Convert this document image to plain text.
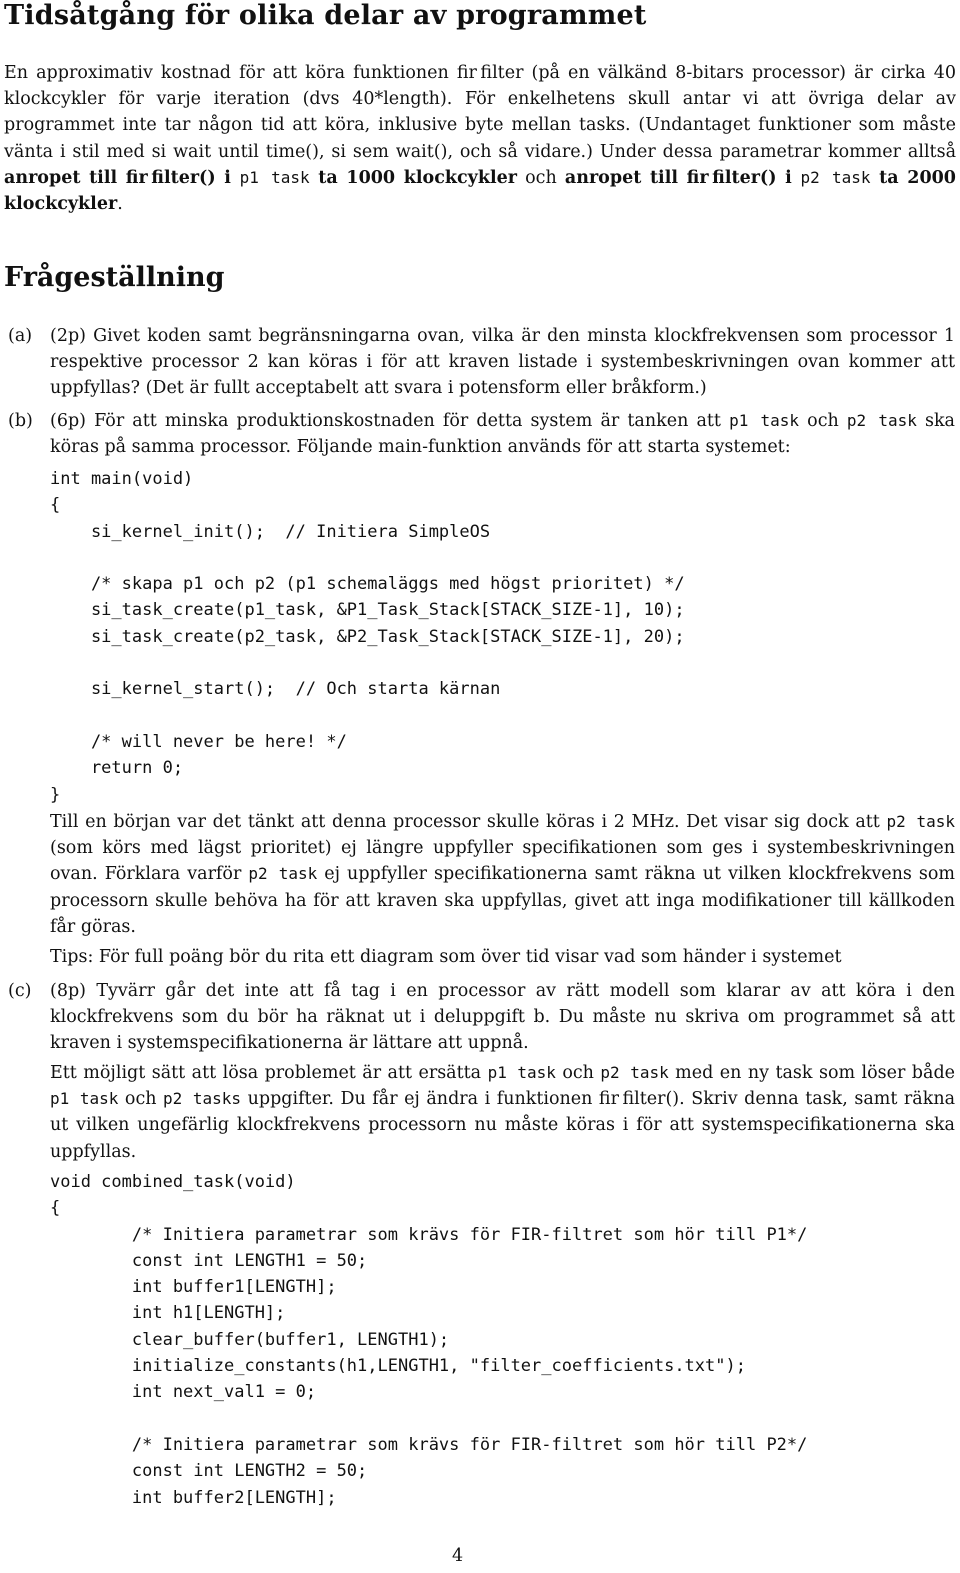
Tidsåtgång för olika delar av programmet

En approximativ kostnad för att köra funktionen fir  filter (på en välkänd 8-bitars processor) är cirka 40 klockcykler för varje iteration (dvs 40*length). För enkelhetens skull antar vi att övriga delar av programmet inte tar någon tid att köra, inklusive byte mellan tasks. (Undantaget funktioner som måste vänta i stil med si wait until time(), si sem wait(), och så vidare.) Under dessa parametrar kommer alltså anropet till fir  filter() i p1 task ta 1000 klockcykler och anropet till fir  filter() i p2 task ta 2000 klockcykler.

Frågeställning
(a) (2p) Givet koden samt begränsningarna ovan, vilka är den minsta klockfrekvensen som processor 1 respektive processor 2 kan köras i för att kraven listade i systembeskrivningen ovan kommer att uppfyllas? (Det är fullt acceptabelt att svara i potensform eller bråkform.)

(b) (6p) För att minska produktionskostnaden för detta system är tanken att p1 task och p2 task ska köras på samma processor. Följande main-funktion används för att starta systemet:

int main(void)
{
si_kernel_init();  // Initiera SimpleOS

/* skapa p1 och p2 (p1 schemaläggs med högst prioritet) */
si_task_create(p1_task, &P1_Task_Stack[STACK_SIZE-1], 10);
si_task_create(p2_task, &P2_Task_Stack[STACK_SIZE-1], 20);

si_kernel_start();  // Och starta kärnan

/* will never be here! */
return 0;
}

Till en början var det tänkt att denna processor skulle köras i 2 MHz. Det visar sig dock att p2 task (som körs med lägst prioritet) ej längre uppfyller specifikationen som ges i systembeskrivningen ovan. Förklara varför p2 task ej uppfyller specifikationerna samt räkna ut vilken klockfrekvens som processorn skulle behöva ha för att kraven ska uppfyllas, givet att inga modifikationer till källkoden får göras.

Tips: För full poäng bör du rita ett diagram som över tid visar vad som händer i systemet

(c) (8p) Tyvärr går det inte att få tag i en processor av rätt modell som klarar av att köra i den klockfrekvens som du bör ha räknat ut i deluppgift b. Du måste nu skriva om programmet så att kraven i systemspecifikationerna är lättare att uppnå.

Ett möjligt sätt att lösa problemet är att ersätta p1 task och p2 task med en ny task som löser både p1 task och p2 tasks uppgifter. Du får ej ändra i funktionen fir  filter(). Skriv denna task, samt räkna ut vilken ungefärlig klockfrekvens processorn nu måste köras i för att systemspecifikationerna ska uppfyllas.

void combined_task(void)
{
/* Initiera parametrar som krävs för FIR-filtret som hör till P1*/
const int LENGTH1 = 50;
int buffer1[LENGTH];
int h1[LENGTH];
clear_buffer(buffer1, LENGTH1);
initialize_constants(h1,LENGTH1, "filter_coefficients.txt");
int next_val1 = 0;

/* Initiera parametrar som krävs för FIR-filtret som hör till P2*/
const int LENGTH2 = 50;
int buffer2[LENGTH];
4
